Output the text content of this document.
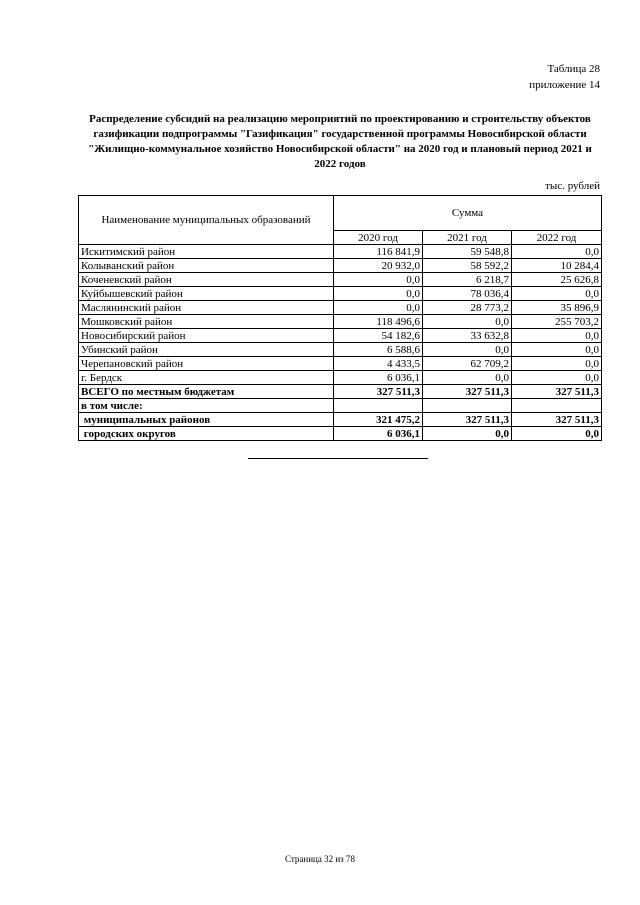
Таблица 28
приложение 14
Распределение субсидий на реализацию мероприятий по проектированию и строительству объектов
газификации подпрограммы "Газификация" государственной программы Новосибирской области
"Жилищно-коммунальное хозяйство Новосибирской области" на 2020 год и плановый период 2021 и
2022 годов
тыс. рублей
Наименование муниципальных образований	Сумма		
	2020 год	2021 год	2022 год
Искитимский район	116 841,9	59 548,8	0,0
Колыванский район	20 932,0	58 592,2	10 284,4
Коченевский район	0,0	6 218,7	25 626,8
Куйбышевский район	0,0	78 036,4	0,0
Маслянинский район	0,0	28 773,2	35 896,9
Мошковский район	118 496,6	0,0	255 703,2
Новосибирский район	54 182,6	33 632,8	0,0
Убинский район	6 588,6	0,0	0,0
Черепановский район	4 433,5	62 709,2	0,0
г. Бердск	6 036,1	0,0	0,0
ВСЕГО по местным бюджетам	327 511,3	327 511,3	327 511,3
в том числе:			
муниципальных районов	321 475,2	327 511,3	327 511,3
городских округов	6 036,1	0,0	0,0
Страница 32 из 78
